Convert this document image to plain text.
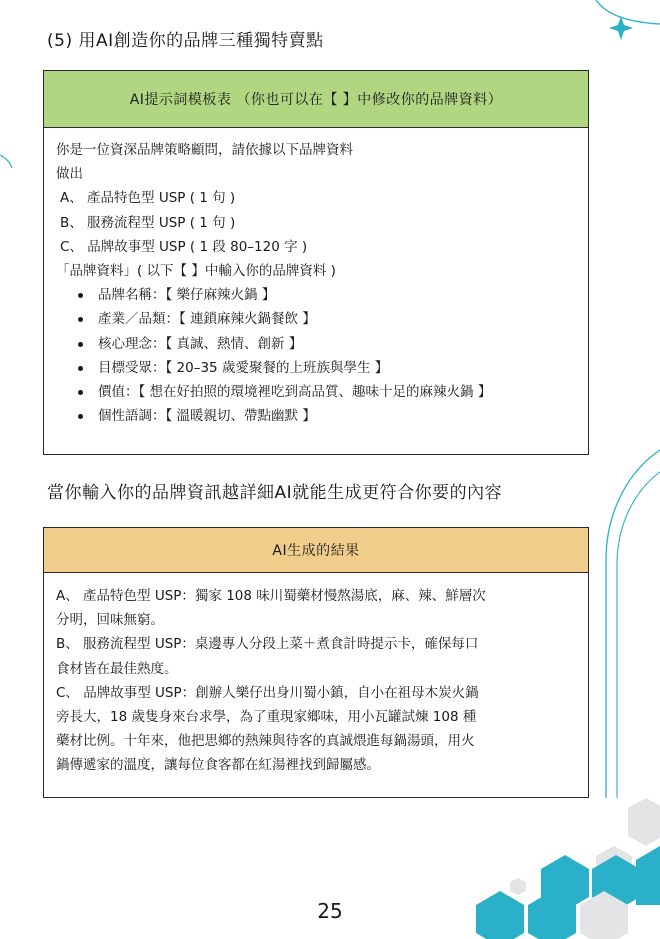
(5) 用AI創造你的品牌三種獨特賣點
AI提示詞模板表 （你也可以在【 】中修改你的品牌資料）
你是一位資深品牌策略顧問，請依據以下品牌資料
做出
A、 產品特色型 USP ( 1 句 )
B、 服務流程型 USP ( 1 句 )
C、 品牌故事型 USP ( 1 段 80–120 字 )
「品牌資料」( 以下【 】中輸入你的品牌資料 )
品牌名稱：【 樂仔麻辣火鍋 】
產業／品類：【 連鎖麻辣火鍋餐飲 】
核心理念：【 真誠、熱情、創新 】
目標受眾：【 20–35 歲愛聚餐的上班族與學生 】
價值：【 想在好拍照的環境裡吃到高品質、趣味十足的麻辣火鍋 】
個性語調：【 溫暖親切、帶點幽默 】
當你輸入你的品牌資訊越詳細AI就能生成更符合你要的內容
AI生成的結果
A、 產品特色型 USP：獨家 108 味川蜀藥材慢熬湯底，麻、辣、鮮層次
分明，回味無窮。
B、 服務流程型 USP：桌邊專人分段上菜＋煮食計時提示卡，確保每口
食材皆在最佳熟度。
C、 品牌故事型 USP：創辦人樂仔出身川蜀小鎮，自小在祖母木炭火鍋
旁長大，18 歲隻身來台求學，為了重現家鄉味，用小瓦罐試煉 108 種
藥材比例。十年來，他把思鄉的熱辣與待客的真誠煨進每鍋湯頭，用火
鍋傳遞家的溫度，讓每位食客都在紅湯裡找到歸屬感。
25
